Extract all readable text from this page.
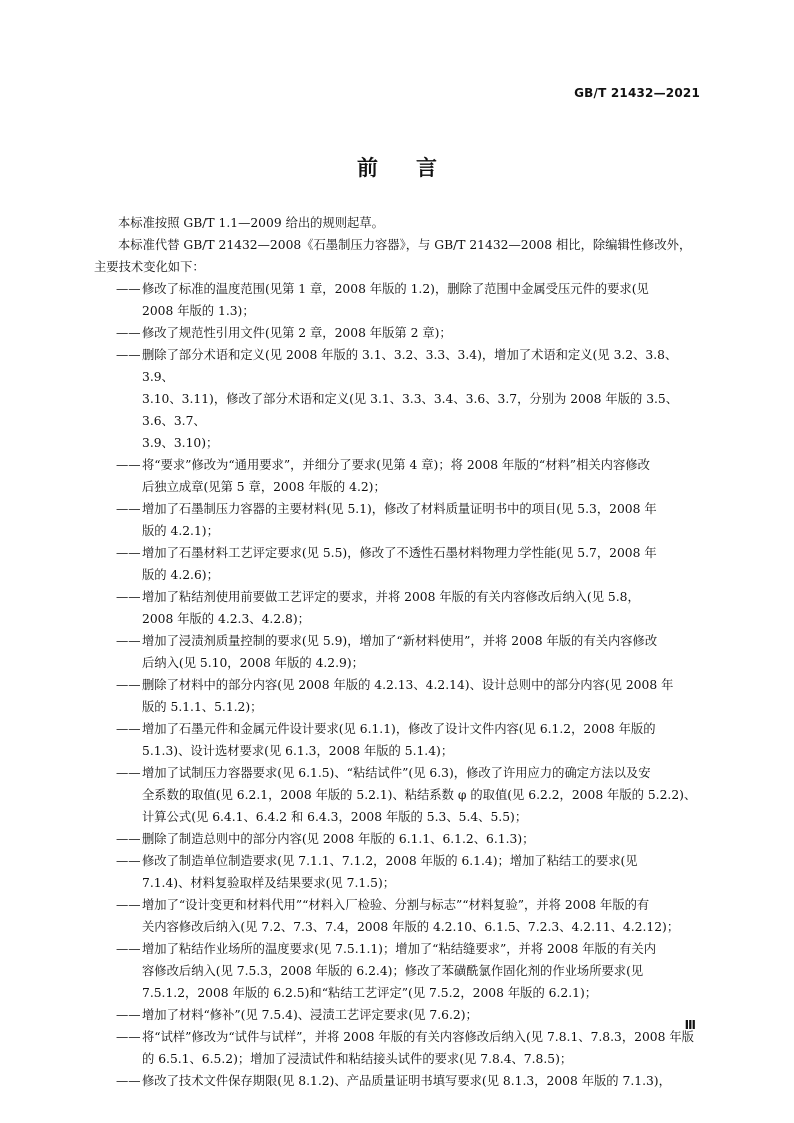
GB/T 21432—2021
前言

本标准按照 GB/T 1.1—2009 给出的规则起草。

本标准代替 GB/T 21432—2008《石墨制压力容器》，与 GB/T 21432—2008 相比，除编辑性修改外，

主要技术变化如下：

—— 修改了标准的温度范围(见第 1 章，2008 年版的 1.2)，删除了范围中金属受压元件的要求(见
2008 年版的 1.3)；
—— 修改了规范性引用文件(见第 2 章，2008 年版第 2 章)；
—— 删除了部分术语和定义(见 2008 年版的 3.1、3.2、3.3、3.4)，增加了术语和定义(见 3.2、3.8、3.9、
3.10、3.11)，修改了部分术语和定义(见 3.1、3.3、3.4、3.6、3.7，分别为 2008 年版的 3.5、3.6、3.7、
3.9、3.10)；
—— 将“要求”修改为“通用要求”，并细分了要求(见第 4 章)；将 2008 年版的“材料”相关内容修改
后独立成章(见第 5 章，2008 年版的 4.2)；
—— 增加了石墨制压力容器的主要材料(见 5.1)，修改了材料质量证明书中的项目(见 5.3，2008 年
版的 4.2.1)；
—— 增加了石墨材料工艺评定要求(见 5.5)，修改了不透性石墨材料物理力学性能(见 5.7，2008 年
版的 4.2.6)；
—— 增加了粘结剂使用前要做工艺评定的要求，并将 2008 年版的有关内容修改后纳入(见 5.8，
2008 年版的 4.2.3、4.2.8)；
—— 增加了浸渍剂质量控制的要求(见 5.9)，增加了“新材料使用”，并将 2008 年版的有关内容修改
后纳入(见 5.10，2008 年版的 4.2.9)；
—— 删除了材料中的部分内容(见 2008 年版的 4.2.13、4.2.14)、设计总则中的部分内容(见 2008 年
版的 5.1.1、5.1.2)；
—— 增加了石墨元件和金属元件设计要求(见 6.1.1)，修改了设计文件内容(见 6.1.2，2008 年版的
5.1.3)、设计选材要求(见 6.1.3，2008 年版的 5.1.4)；
—— 增加了试制压力容器要求(见 6.1.5)、“粘结试件”(见 6.3)，修改了许用应力的确定方法以及安
全系数的取值(见 6.2.1，2008 年版的 5.2.1)、粘结系数 φ 的取值(见 6.2.2，2008 年版的 5.2.2)、
计算公式(见 6.4.1、6.4.2 和 6.4.3，2008 年版的 5.3、5.4、5.5)；
—— 删除了制造总则中的部分内容(见 2008 年版的 6.1.1、6.1.2、6.1.3)；
—— 修改了制造单位制造要求(见 7.1.1、7.1.2，2008 年版的 6.1.4)；增加了粘结工的要求(见
7.1.4)、材料复验取样及结果要求(见 7.1.5)；
—— 增加了“设计变更和材料代用”“材料入厂检验、分割与标志”“材料复验”，并将 2008 年版的有
关内容修改后纳入(见 7.2、7.3、7.4，2008 年版的 4.2.10、6.1.5、7.2.3、4.2.11、4.2.12)；
—— 增加了粘结作业场所的温度要求(见 7.5.1.1)；增加了“粘结缝要求”，并将 2008 年版的有关内
容修改后纳入(见 7.5.3，2008 年版的 6.2.4)；修改了苯磺酰氯作固化剂的作业场所要求(见
7.5.1.2，2008 年版的 6.2.5)和“粘结工艺评定”(见 7.5.2，2008 年版的 6.2.1)；
—— 增加了材料“修补”(见 7.5.4)、浸渍工艺评定要求(见 7.6.2)；
—— 将“试样”修改为“试件与试样”，并将 2008 年版的有关内容修改后纳入(见 7.8.1、7.8.3，2008 年版
的 6.5.1、6.5.2)；增加了浸渍试件和粘结接头试件的要求(见 7.8.4、7.8.5)；
—— 修改了技术文件保存期限(见 8.1.2)、产品质量证明书填写要求(见 8.1.3，2008 年版的 7.1.3)，
Ⅲ
